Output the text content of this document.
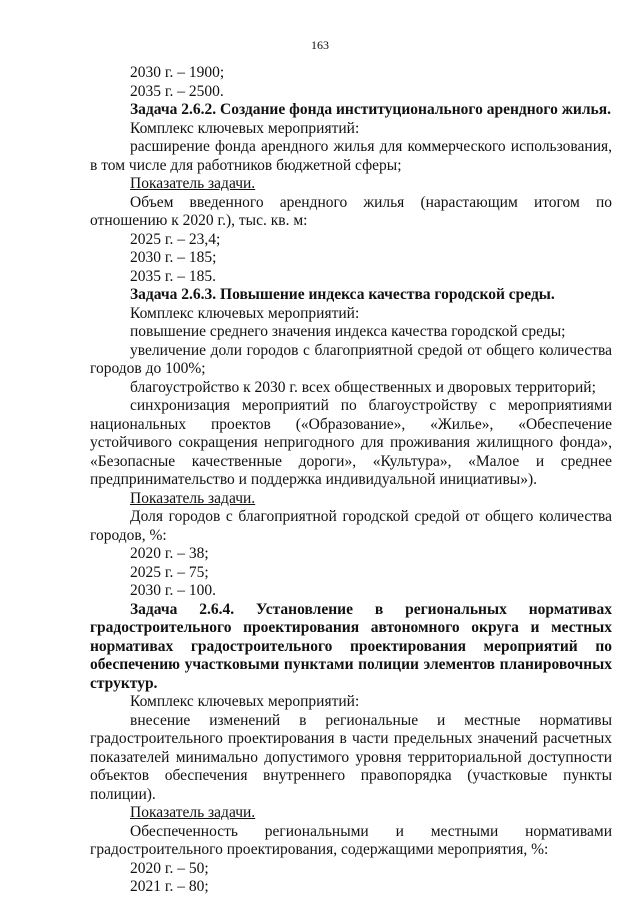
163

2030 г. – 1900;

2035 г. – 2500.

Задача 2.6.2. Создание фонда институционального арендного жилья.

Комплекс ключевых мероприятий:

расширение фонда арендного жилья для коммерческого использования, в том числе для работников бюджетной сферы;

Показатель задачи.

Объем введенного арендного жилья (нарастающим итогом по отношению к 2020 г.), тыс. кв. м:

2025 г. – 23,4;

2030 г. – 185;

2035 г. – 185.

Задача 2.6.3. Повышение индекса качества городской среды.

Комплекс ключевых мероприятий:

повышение среднего значения индекса качества городской среды;

увеличение доли городов с благоприятной средой от общего количества городов до 100%;

благоустройство к 2030 г. всех общественных и дворовых территорий;

синхронизация мероприятий по благоустройству с мероприятиями национальных проектов («Образование», «Жилье», «Обеспечение устойчивого сокращения непригодного для проживания жилищного фонда», «Безопасные качественные дороги», «Культура», «Малое и среднее предпринимательство и поддержка индивидуальной инициативы»).

Показатель задачи.

Доля городов с благоприятной городской средой от общего количества городов, %:

2020 г. – 38;

2025 г. – 75;

2030 г. – 100.

Задача 2.6.4. Установление в региональных нормативах градостроительного проектирования автономного округа и местных нормативах градостроительного проектирования мероприятий по обеспечению участковыми пунктами полиции элементов планировочных структур.

Комплекс ключевых мероприятий:

внесение изменений в региональные и местные нормативы градостроительного проектирования в части предельных значений расчетных показателей минимально допустимого уровня территориальной доступности объектов обеспечения внутреннего правопорядка (участковые пункты полиции).

Показатель задачи.

Обеспеченность региональными и местными нормативами градостроительного проектирования, содержащими мероприятия, %:

2020 г. – 50;

2021 г. – 80;
